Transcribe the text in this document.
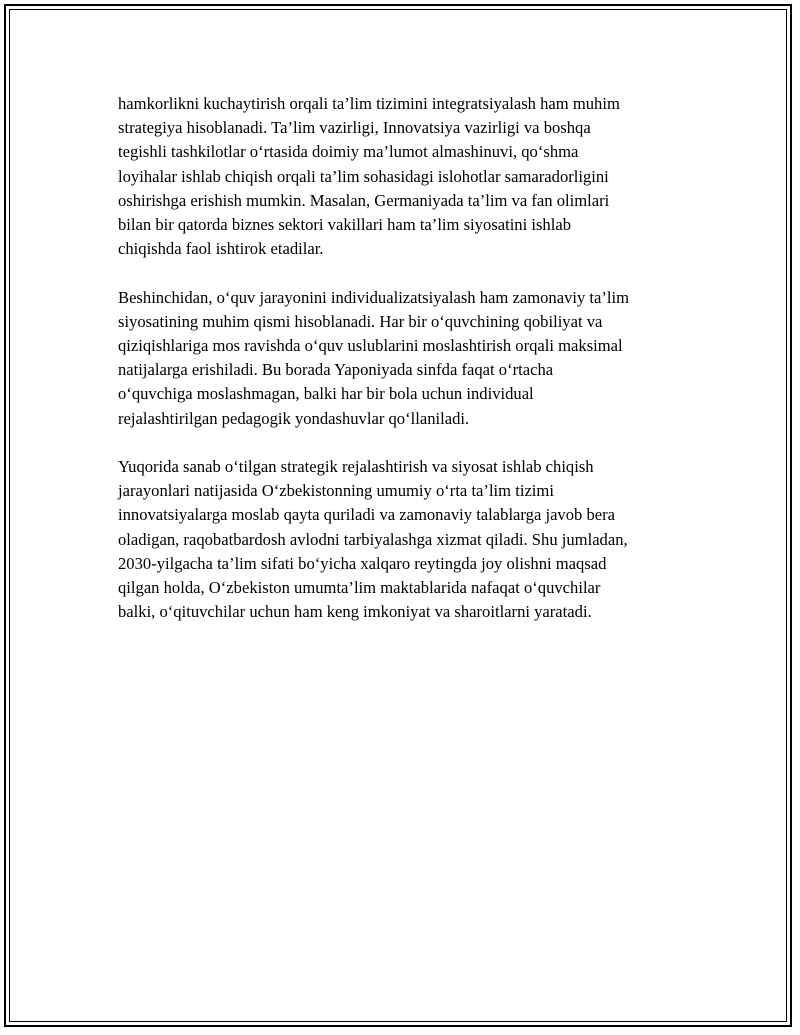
hamkorlikni kuchaytirish orqali ta’lim tizimini integratsiyalash ham muhim
strategiya hisoblanadi. Ta’lim vazirligi, Innovatsiya vazirligi va boshqa
tegishli tashkilotlar o‘rtasida doimiy ma’lumot almashinuvi, qo‘shma
loyihalar ishlab chiqish orqali ta’lim sohasidagi islohotlar samaradorligini
oshirishga erishish mumkin. Masalan, Germaniyada ta’lim va fan olimlari
bilan bir qatorda biznes sektori vakillari ham ta’lim siyosatini ishlab
chiqishda faol ishtirok etadilar.
Beshinchidan, o‘quv jarayonini individualizatsiyalash ham zamonaviy ta’lim
siyosatining muhim qismi hisoblanadi. Har bir o‘quvchining qobiliyat va
qiziqishlariga mos ravishda o‘quv uslublarini moslashtirish orqali maksimal
natijalarga erishiladi. Bu borada Yaponiyada sinfda faqat o‘rtacha
o‘quvchiga moslashmagan, balki har bir bola uchun individual
rejalashtirilgan pedagogik yondashuvlar qo‘llaniladi.
Yuqorida sanab o‘tilgan strategik rejalashtirish va siyosat ishlab chiqish
jarayonlari natijasida O‘zbekistonning umumiy o‘rta ta’lim tizimi
innovatsiyalarga moslab qayta quriladi va zamonaviy talablarga javob bera
oladigan, raqobatbardosh avlodni tarbiyalashga xizmat qiladi. Shu jumladan,
2030-yilgacha ta’lim sifati bo‘yicha xalqaro reytingda joy olishni maqsad
qilgan holda, O‘zbekiston umumta’lim maktablarida nafaqat o‘quvchilar
balki, o‘qituvchilar uchun ham keng imkoniyat va sharoitlarni yaratadi.
